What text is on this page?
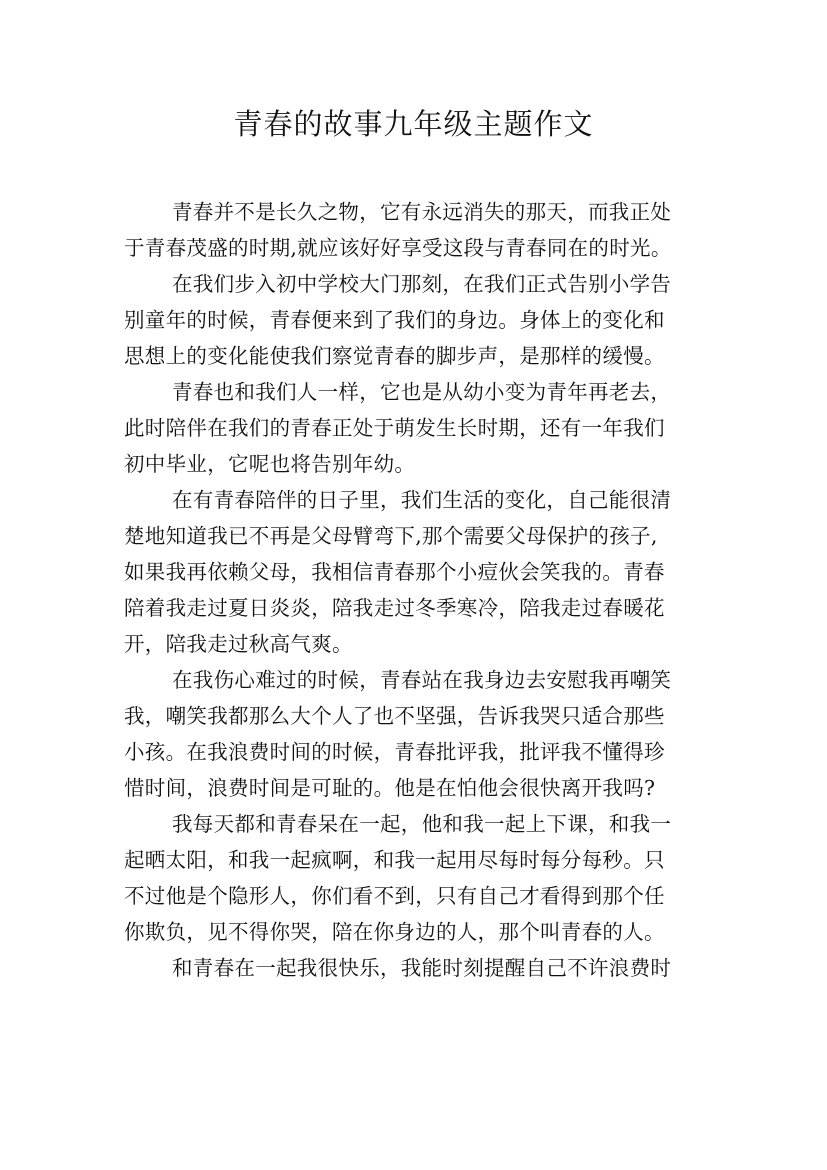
青春的故事九年级主题作文
青春并不是长久之物，它有永远消失的那天，而我正处
于青春茂盛的时期,就应该好好享受这段与青春同在的时光。
在我们步入初中学校大门那刻，在我们正式告别小学告
别童年的时候，青春便来到了我们的身边。身体上的变化和
思想上的变化能使我们察觉青春的脚步声，是那样的缓慢。
青春也和我们人一样，它也是从幼小变为青年再老去，
此时陪伴在我们的青春正处于萌发生长时期，还有一年我们
初中毕业，它呢也将告别年幼。
在有青春陪伴的日子里，我们生活的变化，自己能很清
楚地知道我已不再是父母臂弯下,那个需要父母保护的孩子,
如果我再依赖父母，我相信青春那个小痘伙会笑我的。青春
陪着我走过夏日炎炎，陪我走过冬季寒冷，陪我走过春暖花
开，陪我走过秋高气爽。
在我伤心难过的时候，青春站在我身边去安慰我再嘲笑
我，嘲笑我都那么大个人了也不坚强，告诉我哭只适合那些
小孩。在我浪费时间的时候，青春批评我，批评我不懂得珍
惜时间，浪费时间是可耻的。他是在怕他会很快离开我吗?
我每天都和青春呆在一起，他和我一起上下课，和我一
起晒太阳，和我一起疯啊，和我一起用尽每时每分每秒。只
不过他是个隐形人，你们看不到，只有自己才看得到那个任
你欺负，见不得你哭，陪在你身边的人，那个叫青春的人。
和青春在一起我很快乐，我能时刻提醒自己不许浪费时
